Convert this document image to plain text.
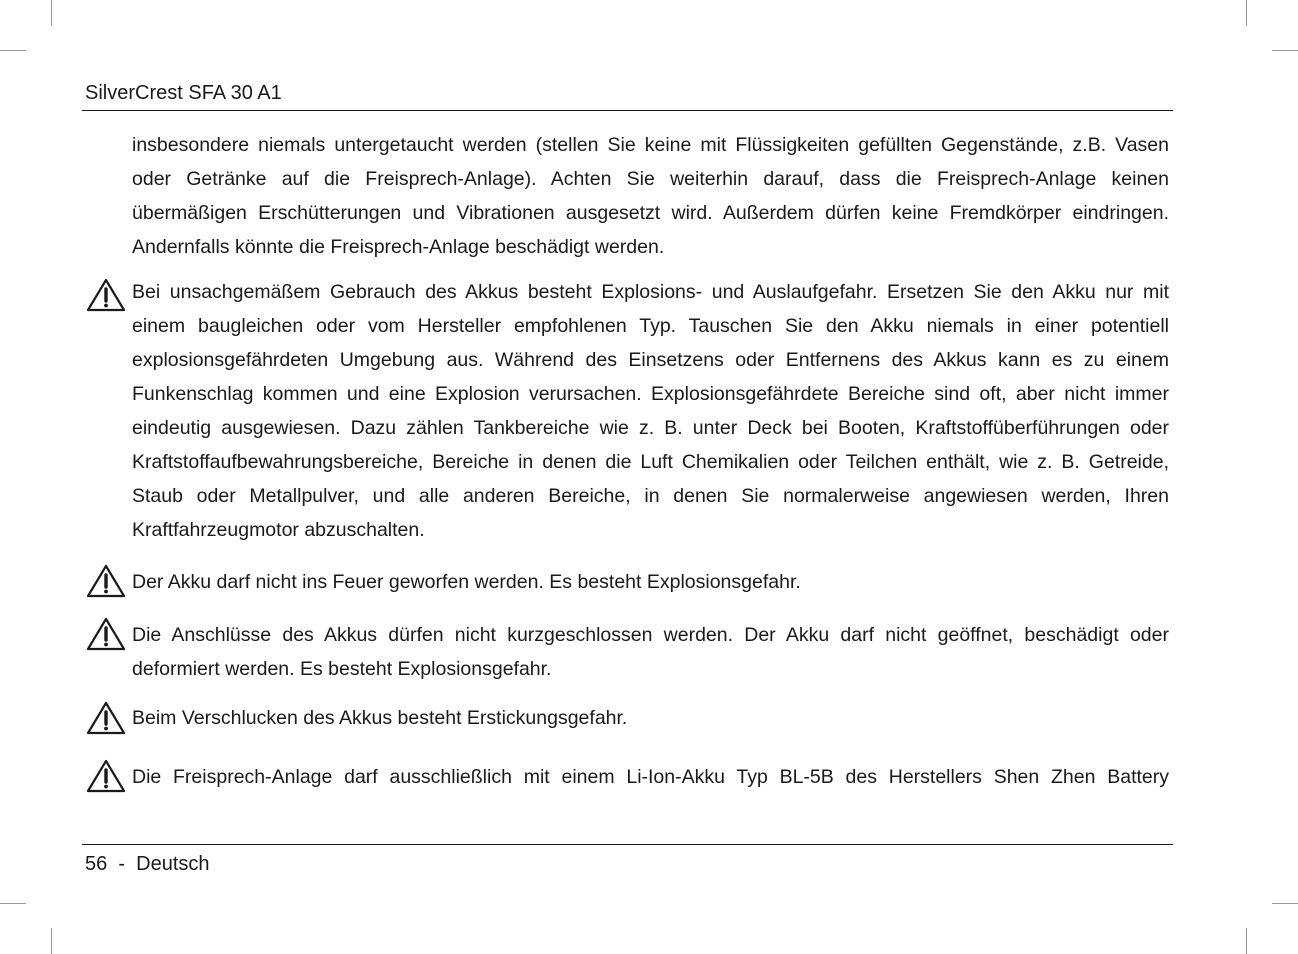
SilverCrest SFA 30 A1
insbesondere niemals untergetaucht werden (stellen Sie keine mit Flüssigkeiten gefüllten Gegenstände, z.B. Vasen oder Getränke auf die Freisprech-Anlage). Achten Sie weiterhin darauf, dass die Freisprech-Anlage keinen übermäßigen Erschütterungen und Vibrationen ausgesetzt wird. Außerdem dürfen keine Fremdkörper eindringen. Andernfalls könnte die Freisprech-Anlage beschädigt werden.
Bei unsachgemäßem Gebrauch des Akkus besteht Explosions- und Auslaufgefahr. Ersetzen Sie den Akku nur mit einem baugleichen oder vom Hersteller empfohlenen Typ. Tauschen Sie den Akku niemals in einer potentiell explosionsgefährdeten Umgebung aus. Während des Einsetzens oder Entfernens des Akkus kann es zu einem Funkenschlag kommen und eine Explosion verursachen. Explosionsgefährdete Bereiche sind oft, aber nicht immer eindeutig ausgewiesen. Dazu zählen Tankbereiche wie z. B. unter Deck bei Booten, Kraftstoffüberführungen oder Kraftstoffaufbewahrungsbereiche, Bereiche in denen die Luft Chemikalien oder Teilchen enthält, wie z. B. Getreide, Staub oder Metallpulver, und alle anderen Bereiche, in denen Sie normalerweise angewiesen werden, Ihren Kraftfahrzeugmotor abzuschalten.
Der Akku darf nicht ins Feuer geworfen werden. Es besteht Explosionsgefahr.
Die Anschlüsse des Akkus dürfen nicht kurzgeschlossen werden. Der Akku darf nicht geöffnet, beschädigt oder deformiert werden. Es besteht Explosionsgefahr.
Beim Verschlucken des Akkus besteht Erstickungsgefahr.
Die Freisprech-Anlage darf ausschließlich mit einem Li-Ion-Akku Typ BL-5B des Herstellers Shen Zhen Battery
56 - Deutsch
